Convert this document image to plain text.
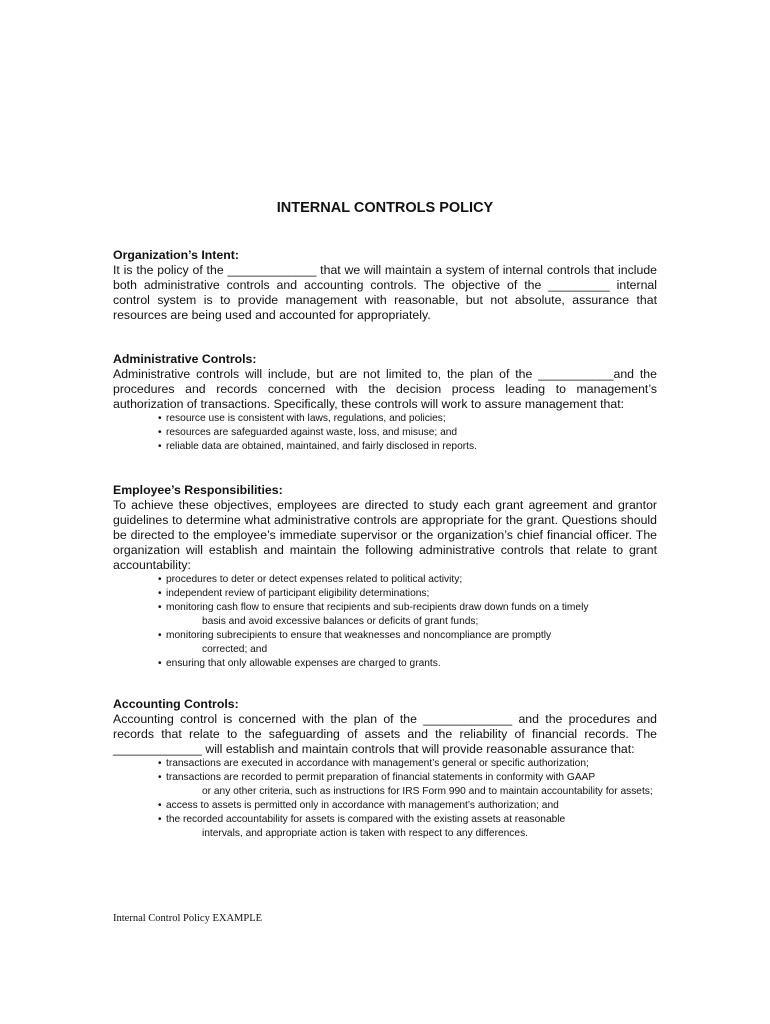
INTERNAL CONTROLS POLICY
Organization’s Intent:

It is the policy of the _____________ that we will maintain a system of internal controls that include both administrative controls and accounting controls. The objective of the _________ internal control system is to provide management with reasonable, but not absolute, assurance that resources are being used and accounted for appropriately.

Administrative Controls:

Administrative controls will include, but are not limited to, the plan of the ___________and the procedures and records concerned with the decision process leading to management’s authorization of transactions. Specifically, these controls will work to assure management that:

• resource use is consistent with laws, regulations, and policies;
• resources are safeguarded against waste, loss, and misuse; and
• reliable data are obtained, maintained, and fairly disclosed in reports.
Employee’s Responsibilities:

To achieve these objectives, employees are directed to study each grant agreement and grantor guidelines to determine what administrative controls are appropriate for the grant. Questions should be directed to the employee’s immediate supervisor or the organization’s chief financial officer. The organization will establish and maintain the following administrative controls that relate to grant accountability:

• procedures to deter or detect expenses related to political activity;
• independent review of participant eligibility determinations;
• monitoring cash flow to ensure that recipients and sub-recipients draw down funds on a timely
basis and avoid excessive balances or deficits of grant funds;
• monitoring subrecipients to ensure that weaknesses and noncompliance are promptly
corrected; and
• ensuring that only allowable expenses are charged to grants.
Accounting Controls:

Accounting control is concerned with the plan of the _____________ and the procedures and records that relate to the safeguarding of assets and the reliability of financial records. The _____________ will establish and maintain controls that will provide reasonable assurance that:

• transactions are executed in accordance with management’s general or specific authorization;
• transactions are recorded to permit preparation of financial statements in conformity with GAAP
or any other criteria, such as instructions for IRS Form 990 and to maintain accountability for assets;
• access to assets is permitted only in accordance with management’s authorization; and
• the recorded accountability for assets is compared with the existing assets at reasonable
intervals, and appropriate action is taken with respect to any differences.
Internal Control Policy EXAMPLE
